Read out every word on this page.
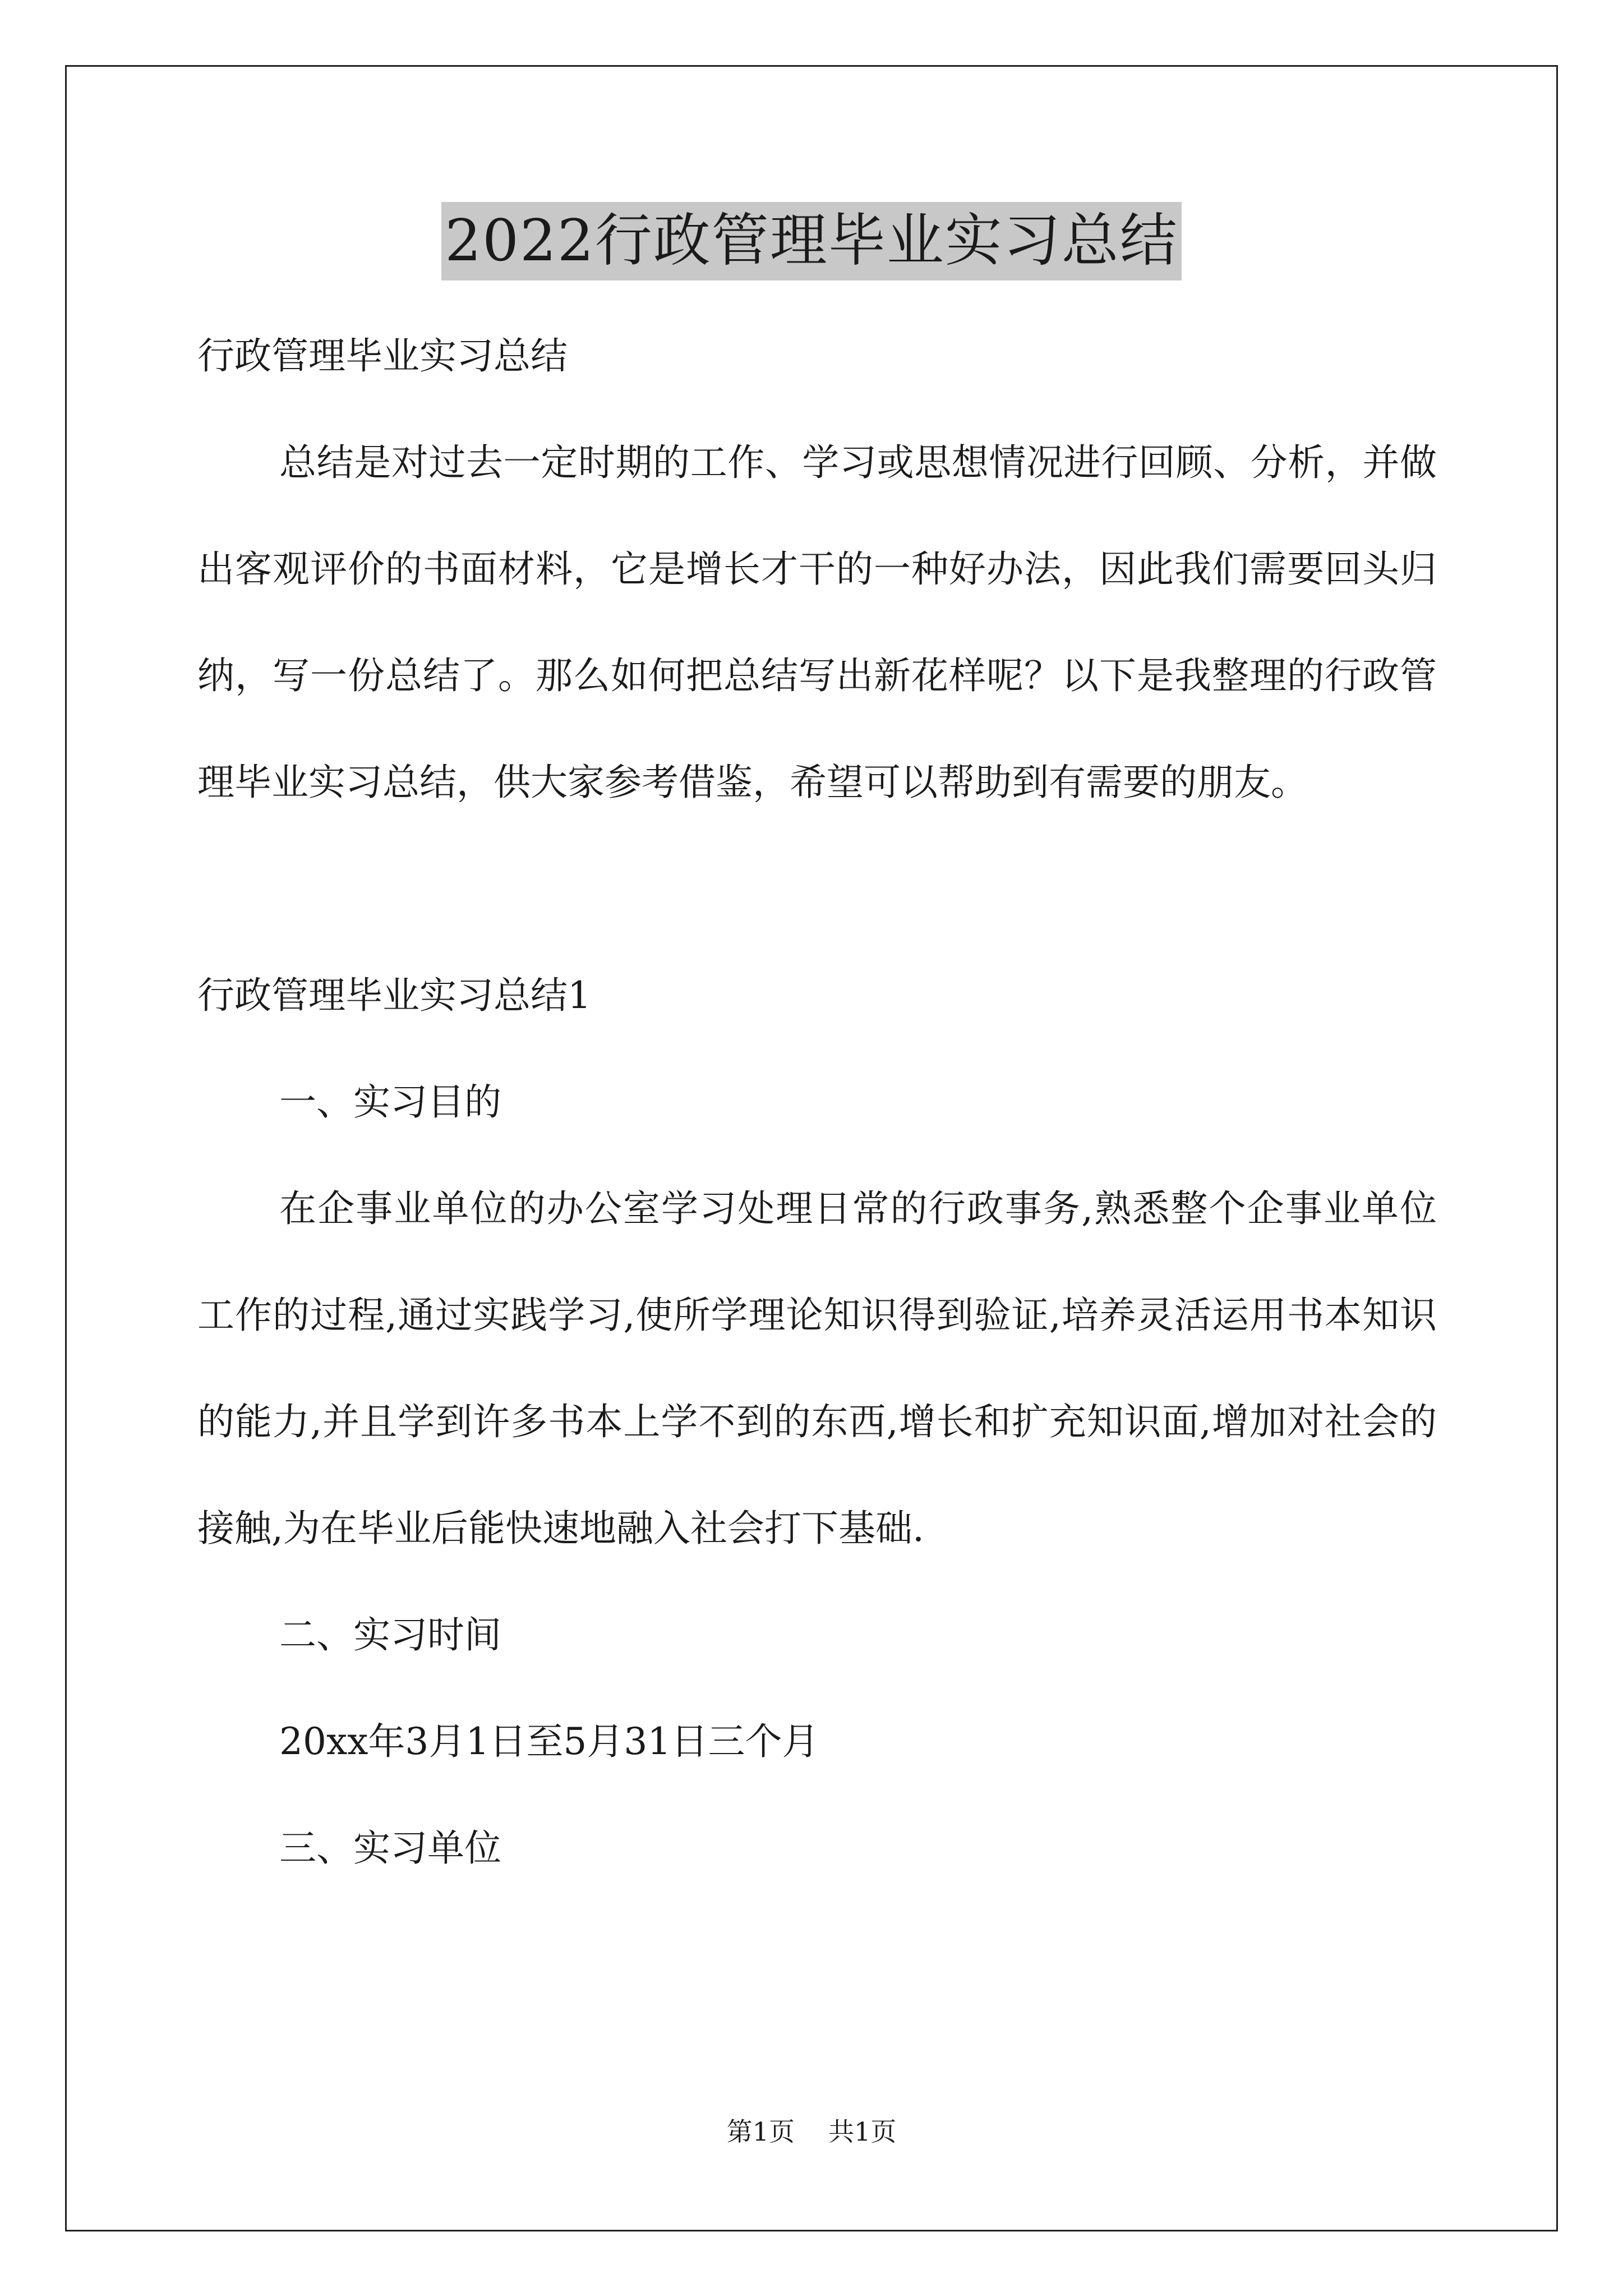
2022行政管理毕业实习总结

行政管理毕业实习总结

总结是对过去一定时期的工作、学习或思想情况进行回顾、分析，并做出客观评价的书面材料，它是增长才干的一种好办法，因此我们需要回头归纳，写一份总结了。那么如何把总结写出新花样呢？以下是我整理的行政管理毕业实习总结，供大家参考借鉴，希望可以帮助到有需要的朋友。

行政管理毕业实习总结1

一、实习目的

在企事业单位的办公室学习处理日常的行政事务,熟悉整个企事业单位工作的过程,通过实践学习,使所学理论知识得到验证,培养灵活运用书本知识的能力,并且学到许多书本上学不到的东西,增长和扩充知识面,增加对社会的接触,为在毕业后能快速地融入社会打下基础.

二、实习时间

20xx年3月1日至5月31日三个月

三、实习单位

第1页 共1页
